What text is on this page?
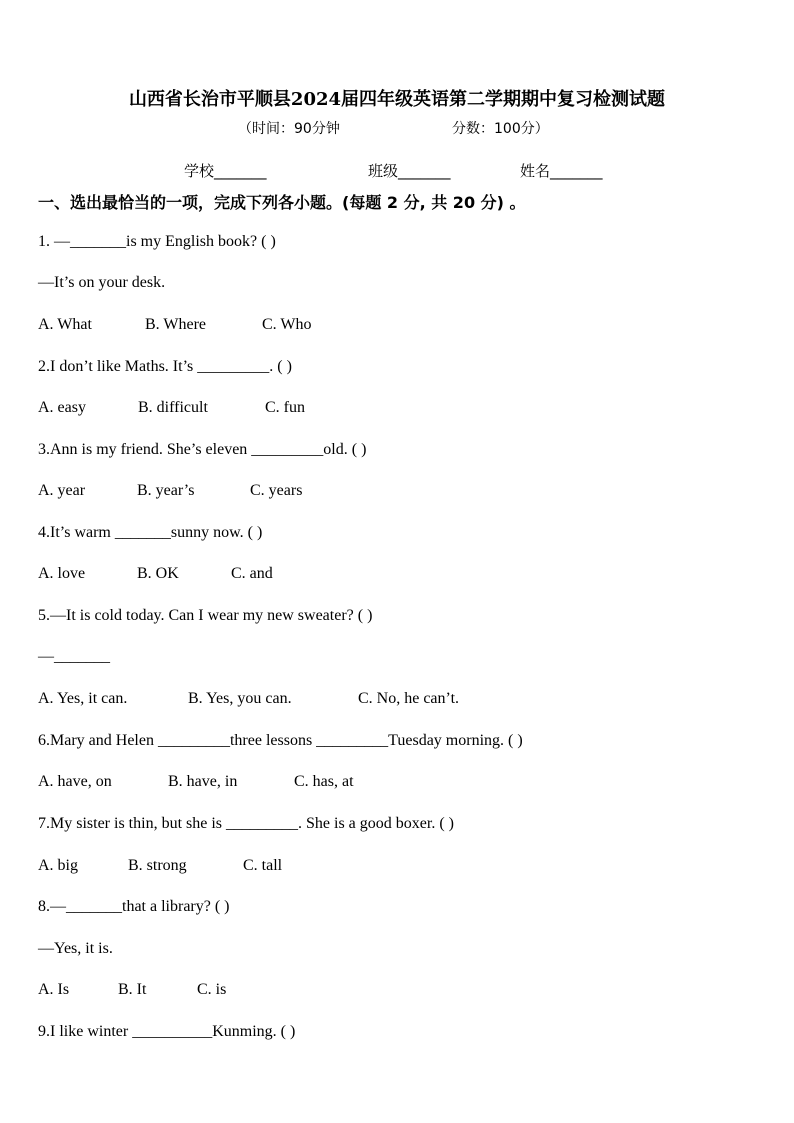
山西省长治市平顺县2024届四年级英语第二学期期中复习检测试题
（时间：90分钟	分数：100分）
学校_______	班级_______	姓名_______
一、选出最恰当的一项，完成下列各小题。(每题 2 分, 共 20 分) 。
1. —_______is my English book? ( )
—It’s on your desk.
A. What	B. Where	C. Who
2.I don’t like Maths. It’s _________. ( )
A. easy	B. difficult	C. fun
3.Ann is my friend. She’s eleven _________old. ( )
A. year	B. year’s	C. years
4.It’s warm _______sunny now. ( )
A. love	B. OK	C. and
5.—It is cold today. Can I wear my new sweater? ( )
—_______
A. Yes, it can.	B. Yes, you can.	C. No, he can’t.
6.Mary and Helen _________three lessons _________Tuesday morning. ( )
A. have, on	B. have, in	C. has, at
7.My sister is thin, but she is _________. She is a good boxer. ( )
A. big	B. strong	C. tall
8.—_______that a library? ( )
—Yes, it is.
A. Is	B. It	C. is
9.I like winter __________Kunming. ( )
